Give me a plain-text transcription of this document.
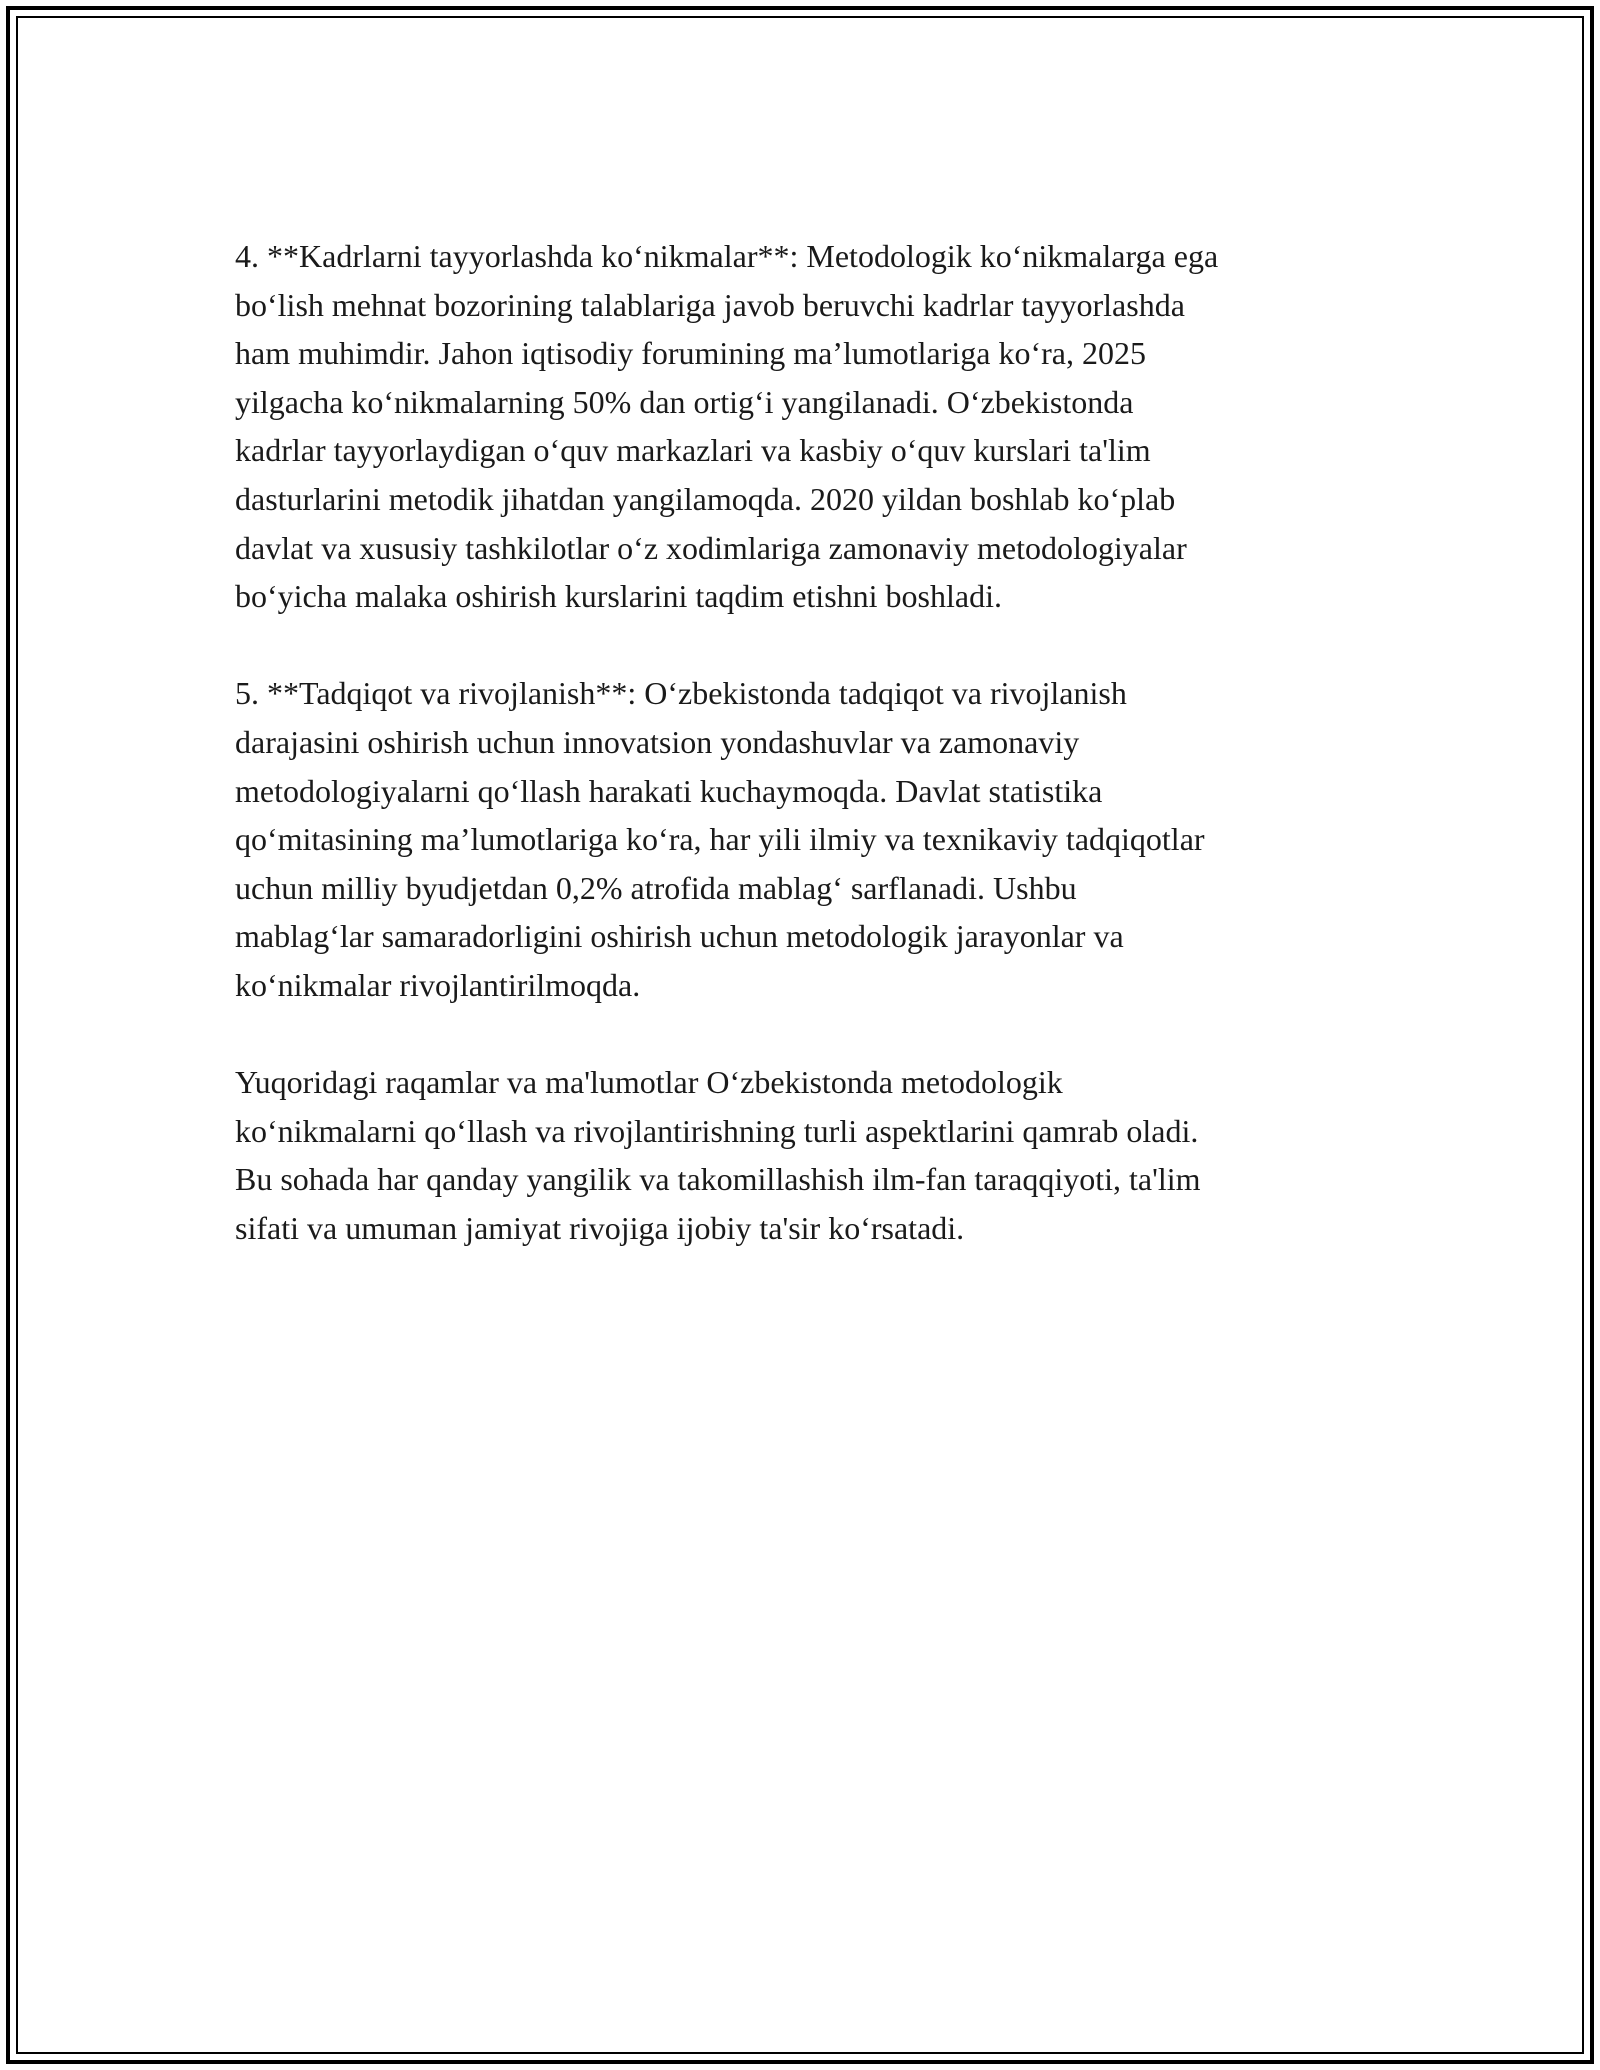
4. **Kadrlarni tayyorlashda ko‘nikmalar**: Metodologik ko‘nikmalarga ega
bo‘lish mehnat bozorining talablariga javob beruvchi kadrlar tayyorlashda
ham muhimdir. Jahon iqtisodiy forumining ma’lumotlariga ko‘ra, 2025
yilgacha ko‘nikmalarning 50% dan ortig‘i yangilanadi. O‘zbekistonda
kadrlar tayyorlaydigan o‘quv markazlari va kasbiy o‘quv kurslari ta'lim
dasturlarini metodik jihatdan yangilamoqda. 2020 yildan boshlab ko‘plab
davlat va xususiy tashkilotlar o‘z xodimlariga zamonaviy metodologiyalar
bo‘yicha malaka oshirish kurslarini taqdim etishni boshladi.

5. **Tadqiqot va rivojlanish**: O‘zbekistonda tadqiqot va rivojlanish
darajasini oshirish uchun innovatsion yondashuvlar va zamonaviy
metodologiyalarni qo‘llash harakati kuchaymoqda. Davlat statistika
qo‘mitasining ma’lumotlariga ko‘ra, har yili ilmiy va texnikaviy tadqiqotlar
uchun milliy byudjetdan 0,2% atrofida mablag‘ sarflanadi. Ushbu
mablag‘lar samaradorligini oshirish uchun metodologik jarayonlar va
ko‘nikmalar rivojlantirilmoqda.

Yuqoridagi raqamlar va ma'lumotlar O‘zbekistonda metodologik
ko‘nikmalarni qo‘llash va rivojlantirishning turli aspektlarini qamrab oladi.
Bu sohada har qanday yangilik va takomillashish ilm-fan taraqqiyoti, ta'lim
sifati va umuman jamiyat rivojiga ijobiy ta'sir ko‘rsatadi.
